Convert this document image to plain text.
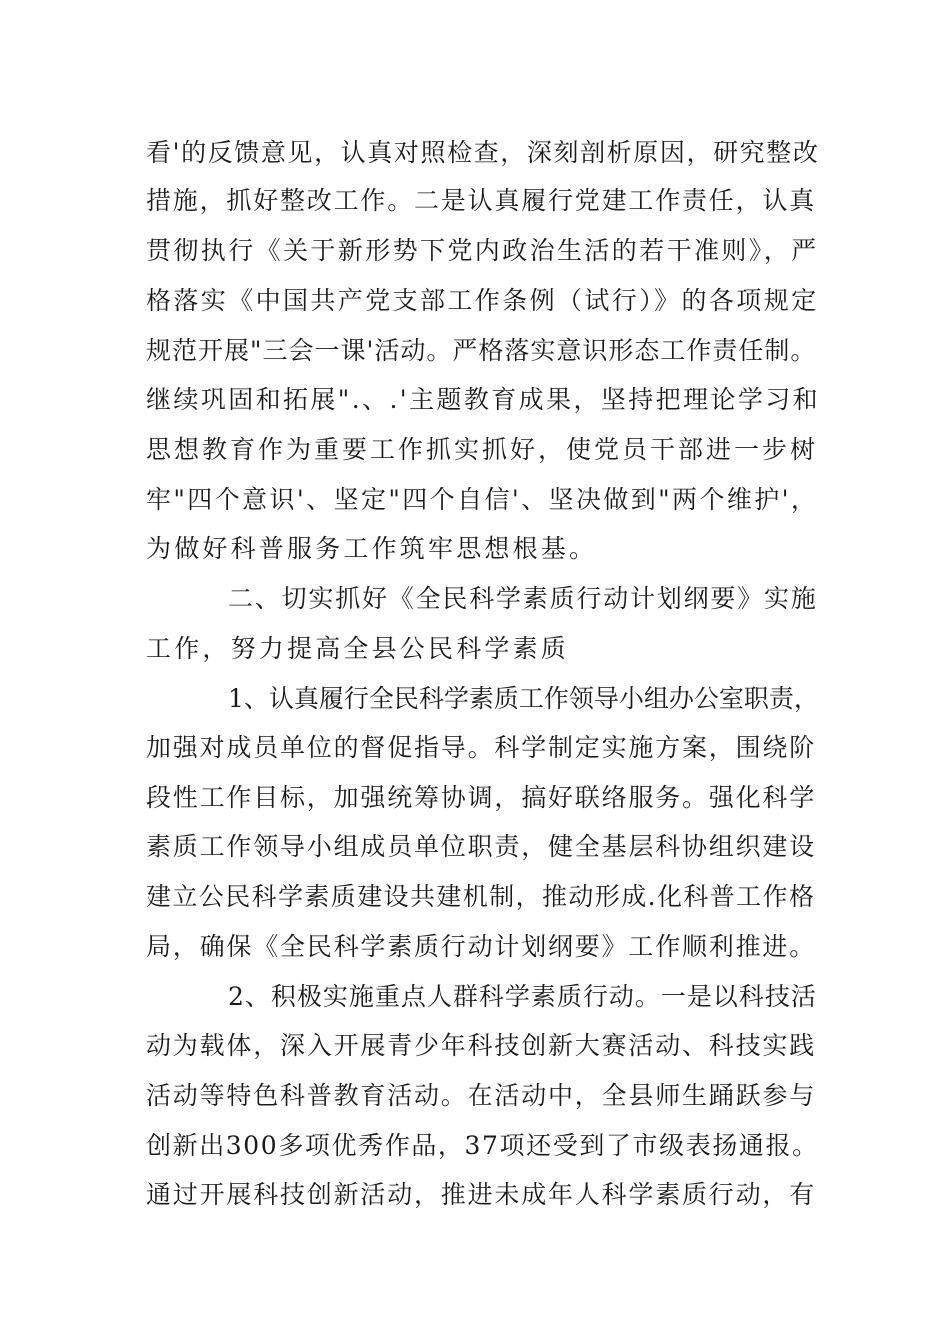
看'的反馈意见，认真对照检查，深刻剖析原因，研究整改
措施，抓好整改工作。二是认真履行党建工作责任，认真
贯彻执行《关于新形势下党内政治生活的若干准则》，严
格落实《中国共产党支部工作条例（试行）》的各项规定
规范开展"三会一课'活动。严格落实意识形态工作责任制。
继续巩固和拓展".、.'主题教育成果，坚持把理论学习和
思想教育作为重要工作抓实抓好，使党员干部进一步树
牢"四个意识'、坚定"四个自信'、坚决做到"两个维护'，
为做好科普服务工作筑牢思想根基。
二、切实抓好《全民科学素质行动计划纲要》实施
工作，努力提高全县公民科学素质
1、认真履行全民科学素质工作领导小组办公室职责，
加强对成员单位的督促指导。科学制定实施方案，围绕阶
段性工作目标，加强统筹协调，搞好联络服务。强化科学
素质工作领导小组成员单位职责，健全基层科协组织建设
建立公民科学素质建设共建机制，推动形成.化科普工作格
局，确保《全民科学素质行动计划纲要》工作顺利推进。
2、积极实施重点人群科学素质行动。一是以科技活
动为载体，深入开展青少年科技创新大赛活动、科技实践
活动等特色科普教育活动。在活动中，全县师生踊跃参与
创新出300多项优秀作品，37项还受到了市级表扬通报。
通过开展科技创新活动，推进未成年人科学素质行动，有
